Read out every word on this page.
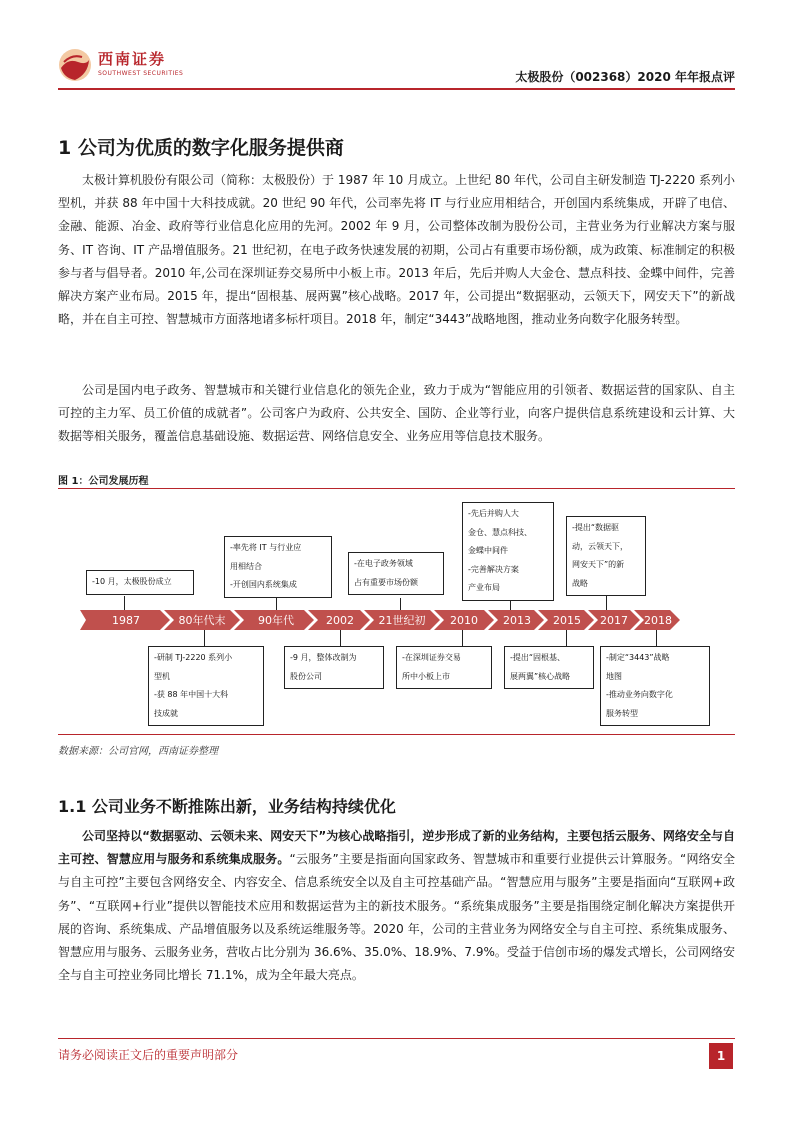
西南证券
SOUTHWEST SECURITIES	太极股份（002368）2020 年年报点评
1 公司为优质的数字化服务提供商

太极计算机股份有限公司（简称：太极股份）于 1987 年 10 月成立。上世纪 80 年代，公司自主研发制造 TJ-2220 系列小型机，并获 88 年中国十大科技成就。20 世纪 90 年代，公司率先将 IT 与行业应用相结合，开创国内系统集成，开辟了电信、金融、能源、冶金、政府等行业信息化应用的先河。2002 年 9 月，公司整体改制为股份公司，主营业务为行业解决方案与服务、IT 咨询、IT 产品增值服务。21 世纪初，在电子政务快速发展的初期，公司占有重要市场份额，成为政策、标准制定的积极参与者与倡导者。2010 年,公司在深圳证券交易所中小板上市。2013 年后，先后并购人大金仓、慧点科技、金蝶中间件，完善解决方案产业布局。2015 年，提出“固根基、展两翼”核心战略。2017 年，公司提出“数据驱动，云领天下，网安天下”的新战略，并在自主可控、智慧城市方面落地诸多标杆项目。2018 年，制定“3443”战略地图，推动业务向数字化服务转型。

公司是国内电子政务、智慧城市和关键行业信息化的领先企业，致力于成为“智能应用的引领者、数据运营的国家队、自主可控的主力军、员工价值的成就者”。公司客户为政府、公共安全、国防、企业等行业，向客户提供信息系统建设和云计算、大数据等相关服务，覆盖信息基础设施、数据运营、网络信息安全、业务应用等信息技术服务。

图 1：公司发展历程
1987	80年代末	90年代	2002	21世纪初	2010	2013	2015	2017	2018
-10 月，太极股份成立
-率先将 IT 与行业应
用相结合
-开创国内系统集成
-在电子政务领域
占有重要市场份额
-先后并购人大
金仓、慧点科技、
金蝶中间件
-完善解决方案
产业布局
-提出“数据驱
动，云领天下，
网安天下”的新
战略
-研制 TJ-2220 系列小
型机
-获 88 年中国十大科
技成就
-9 月，整体改制为
股份公司
-在深圳证券交易
所中小板上市
-提出“固根基、
展两翼”核心战略
-制定“3443”战略
地图
-推动业务向数字化
服务转型
数据来源：公司官网，西南证券整理
1.1 公司业务不断推陈出新，业务结构持续优化

公司坚持以“数据驱动、云领未来、网安天下”为核心战略指引，逆步形成了新的业务结构，主要包括云服务、网络安全与自主可控、智慧应用与服务和系统集成服务。“云服务”主要是指面向国家政务、智慧城市和重要行业提供云计算服务。“网络安全与自主可控”主要包含网络安全、内容安全、信息系统安全以及自主可控基础产品。“智慧应用与服务”主要是指面向“互联网+政务”、“互联网+行业”提供以智能技术应用和数据运营为主的新技术服务。“系统集成服务”主要是指围绕定制化解决方案提供开展的咨询、系统集成、产品增值服务以及系统运维服务等。2020 年，公司的主营业务为网络安全与自主可控、系统集成服务、智慧应用与服务、云服务业务，营收占比分别为 36.6%、35.0%、18.9%、7.9%。受益于信创市场的爆发式增长，公司网络安全与自主可控业务同比增长 71.1%，成为全年最大亮点。

请务必阅读正文后的重要声明部分	1
